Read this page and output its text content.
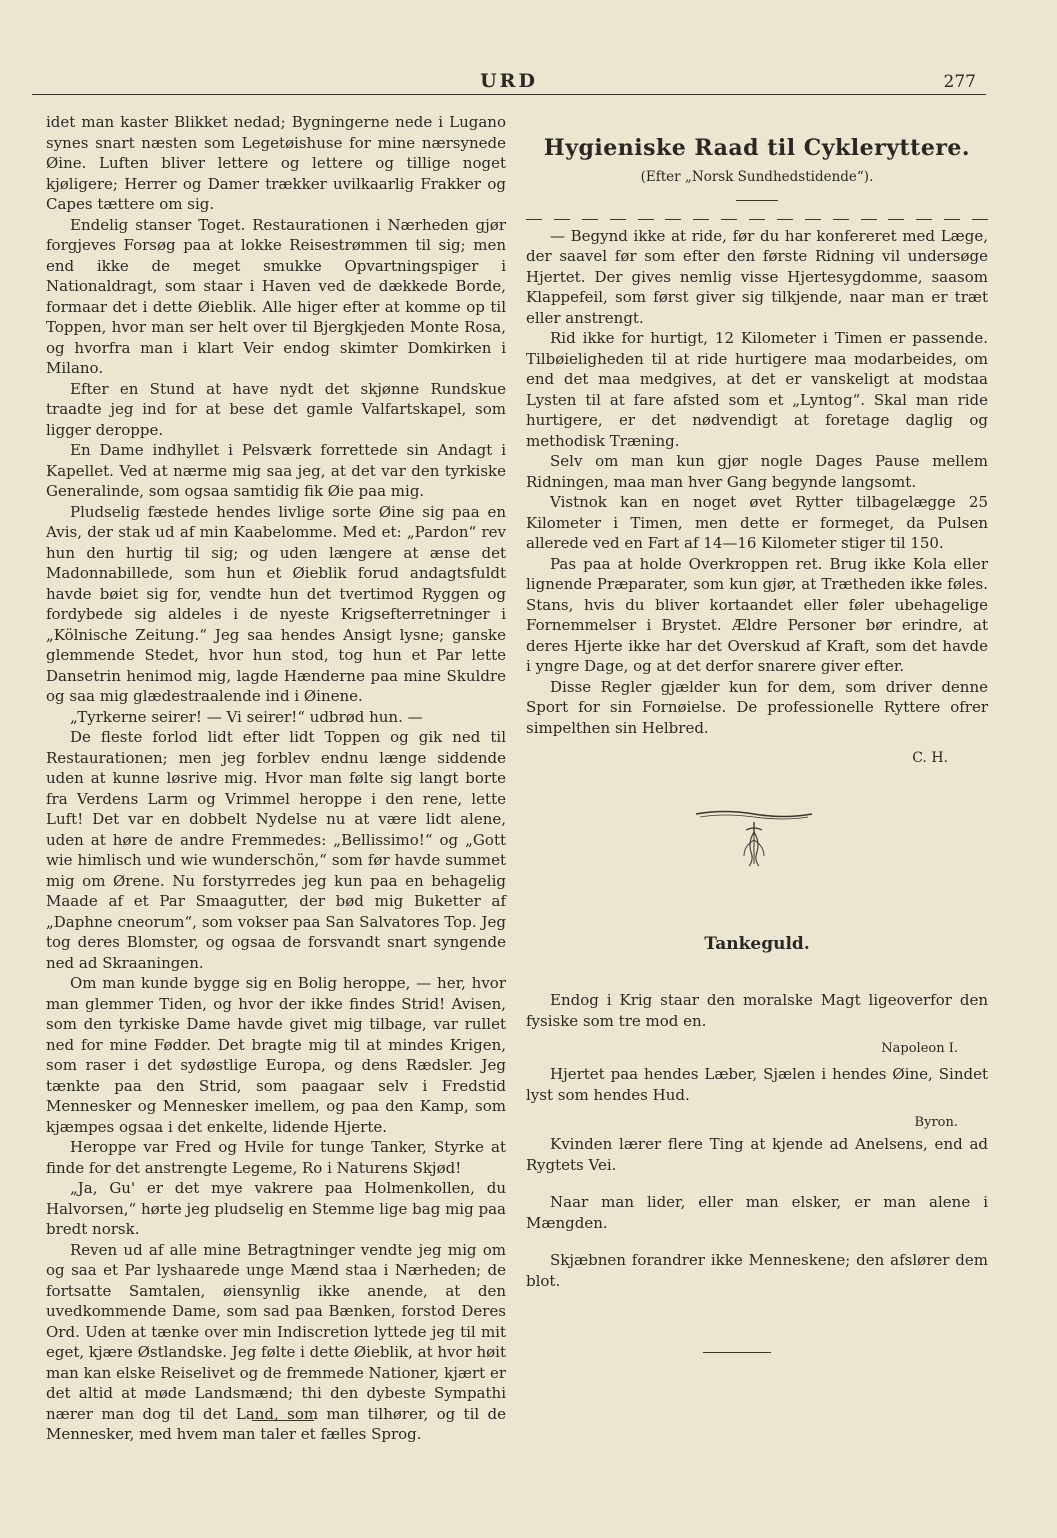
URD	277

idet man kaster Blikket nedad; Bygningerne nede i Lugano synes snart næsten som Legetøishuse for mine nærsynede Øine. Luften bliver lettere og lettere og tillige noget kjøligere; Herrer og Damer trækker uvilkaarlig Frakker og Capes tættere om sig.

Endelig stanser Toget. Restaurationen i Nærheden gjør forgjeves Forsøg paa at lokke Reisestrømmen til sig; men end ikke de meget smukke Opvartningspiger i Nationaldragt, som staar i Haven ved de dækkede Borde, formaar det i dette Øieblik. Alle higer efter at komme op til Toppen, hvor man ser helt over til Bjergkjeden Monte Rosa, og hvorfra man i klart Veir endog skimter Domkirken i Milano.

Efter en Stund at have nydt det skjønne Rundskue traadte jeg ind for at bese det gamle Valfartskapel, som ligger deroppe.

En Dame indhyllet i Pelsværk forrettede sin Andagt i Kapellet. Ved at nærme mig saa jeg, at det var den tyrkiske Generalinde, som ogsaa samtidig fik Øie paa mig.

Pludselig fæstede hendes livlige sorte Øine sig paa en Avis, der stak ud af min Kaabelomme. Med et: „Pardon“ rev hun den hurtig til sig; og uden længere at ænse det Madonnabillede, som hun et Øieblik forud andagtsfuldt havde bøiet sig for, vendte hun det tvertimod Ryggen og fordybede sig aldeles i de nyeste Krigsefterretninger i „Kölnische Zeitung.“ Jeg saa hendes Ansigt lysne; ganske glemmende Stedet, hvor hun stod, tog hun et Par lette Dansetrin henimod mig, lagde Hænderne paa mine Skuldre og saa mig glædestraalende ind i Øinene.

„Tyrkerne seirer! — Vi seirer!“ udbrød hun. —

De fleste forlod lidt efter lidt Toppen og gik ned til Restaurationen; men jeg forblev endnu længe siddende uden at kunne løsrive mig. Hvor man følte sig langt borte fra Verdens Larm og Vrimmel heroppe i den rene, lette Luft! Det var en dobbelt Nydelse nu at være lidt alene, uden at høre de andre Fremmedes: „Bellissimo!“ og „Gott wie himlisch und wie wunderschön,“ som før havde summet mig om Ørene. Nu forstyrredes jeg kun paa en behagelig Maade af et Par Smaagutter, der bød mig Buketter af „Daphne cneorum“, som vokser paa San Salvatores Top. Jeg tog deres Blomster, og ogsaa de forsvandt snart syngende ned ad Skraaningen.

Om man kunde bygge sig en Bolig heroppe, — her, hvor man glemmer Tiden, og hvor der ikke findes Strid! Avisen, som den tyrkiske Dame havde givet mig tilbage, var rullet ned for mine Fødder. Det bragte mig til at mindes Krigen, som raser i det sydøstlige Europa, og dens Rædsler. Jeg tænkte paa den Strid, som paagaar selv i Fredstid Mennesker og Mennesker imellem, og paa den Kamp, som kjæmpes ogsaa i det enkelte, lidende Hjerte.

Heroppe var Fred og Hvile for tunge Tanker, Styrke at finde for det anstrengte Legeme, Ro i Naturens Skjød!

„Ja, Gu' er det mye vakrere paa Holmenkollen, du Halvorsen,“ hørte jeg pludselig en Stemme lige bag mig paa bredt norsk.

Reven ud af alle mine Betragtninger vendte jeg mig om og saa et Par lyshaarede unge Mænd staa i Nærheden; de fortsatte Samtalen, øiensynlig ikke anende, at den uvedkommende Dame, som sad paa Bænken, forstod Deres Ord. Uden at tænke over min Indiscretion lyttede jeg til mit eget, kjære Østlandske. Jeg følte i dette Øieblik, at hvor høit man kan elske Reiselivet og de fremmede Nationer, kjært er det altid at møde Landsmænd; thi den dybeste Sympathi nærer man dog til det Land, som man tilhører, og til de Mennesker, med hvem man taler et fælles Sprog.

Hygieniske Raad til Cyklerytterе.
(Efter „Norsk Sundhedstidende“).

— Begynd ikke at ride, før du har konfereret med Læge, der saavel før som efter den første Ridning vil undersøge Hjertet. Der gives nemlig visse Hjertesygdomme, saasom Klappefeil, som først giver sig tilkjende, naar man er træt eller anstrengt.

Rid ikke for hurtigt, 12 Kilometer i Timen er passende. Tilbøieligheden til at ride hurtigere maa modarbeides, om end det maa medgives, at det er vanskeligt at modstaa Lysten til at fare afsted som et „Lyntog“. Skal man ride hurtigere, er det nødvendigt at foretage daglig og methodisk Træning.

Selv om man kun gjør nogle Dages Pause mellem Ridningen, maa man hver Gang begynde langsomt.

Vistnok kan en noget øvet Rytter tilbagelægge 25 Kilometer i Timen, men dette er formeget, da Pulsen allerede ved en Fart af 14—16 Kilometer stiger til 150.

Pas paa at holde Overkroppen ret. Brug ikke Kola eller lignende Præparater, som kun gjør, at Trætheden ikke føles. Stans, hvis du bliver kortaandet eller føler ubehagelige Fornemmelser i Brystet. Ældre Personer bør erindre, at deres Hjerte ikke har det Overskud af Kraft, som det havde i yngre Dage, og at det derfor snarere giver efter.

Disse Regler gjælder kun for dem, som driver denne Sport for sin Fornøielse. De professionelle Ryttere ofrer simpelthen sin Helbred.

C. H.
Tankeguld.

Endog i Krig staar den moralske Magt ligeoverfor den fysiske som tre mod en.

Napoleon I.

Hjertet paa hendes Læber, Sjælen i hendes Øine, Sindet lyst som hendes Hud.

Byron.

Kvinden lærer flere Ting at kjende ad Anelsens, end ad Rygtets Vei.

Naar man lider, eller man elsker, er man alene i Mængden.

Skjæbnen forandrer ikke Menneskene; den afslører dem blot.
